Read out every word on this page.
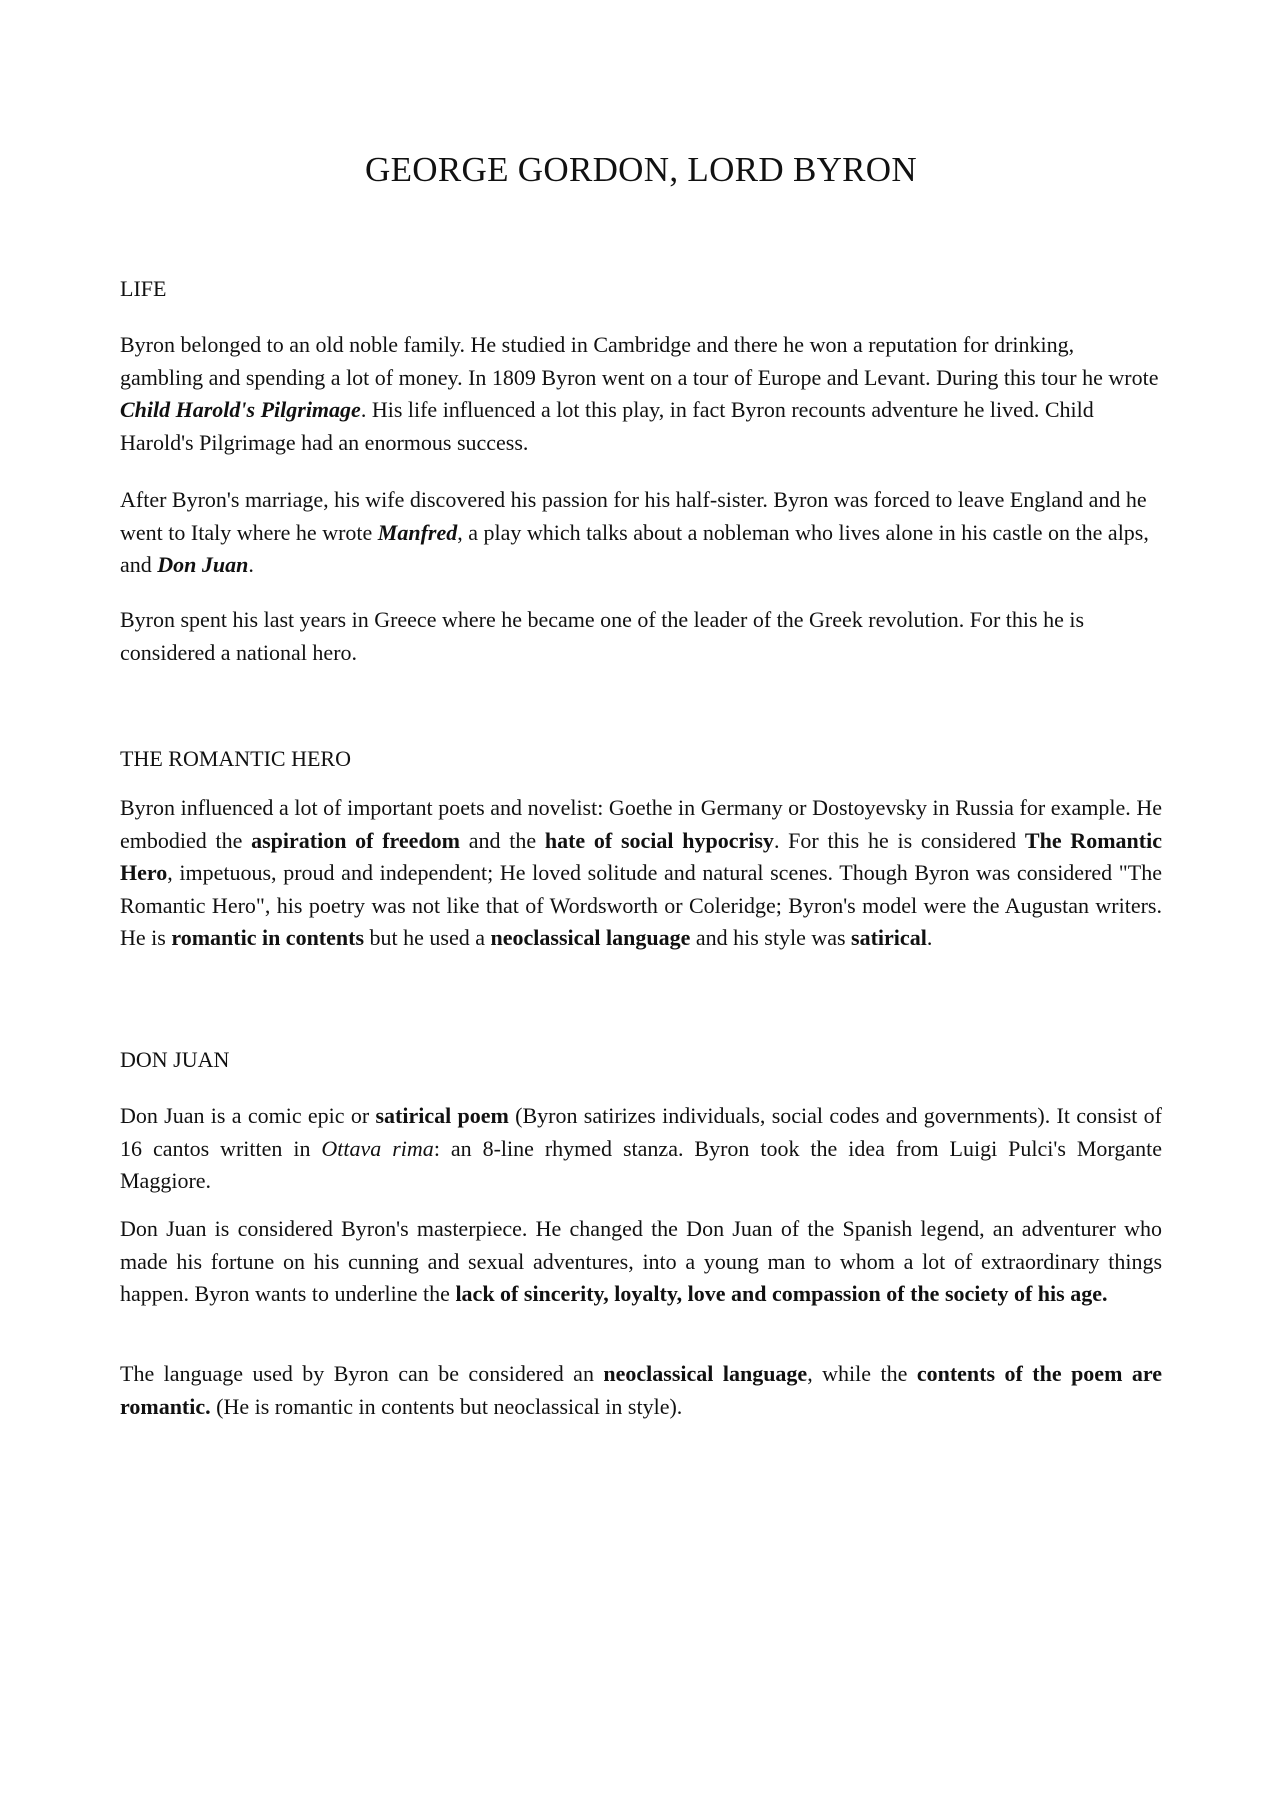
GEORGE GORDON, LORD BYRON
LIFE

Byron belonged to an old noble family. He studied in Cambridge and there he won a reputation for drinking, gambling and spending a lot of money. In 1809 Byron went on a tour of Europe and Levant. During this tour he wrote Child Harold's Pilgrimage. His life influenced a lot this play, in fact Byron recounts adventure he lived. Child Harold's Pilgrimage had an enormous success.

After Byron's marriage, his wife discovered his passion for his half-sister. Byron was forced to leave England and he went to Italy where he wrote Manfred, a play which talks about a nobleman who lives alone in his castle on the alps, and Don Juan.

Byron spent his last years in Greece where he became one of the leader of the Greek revolution. For this he is considered a national hero.

THE ROMANTIC HERO

Byron influenced a lot of important poets and novelist: Goethe in Germany or Dostoyevsky in Russia for example. He embodied the aspiration of freedom and the hate of social hypocrisy. For this he is considered The Romantic Hero, impetuous, proud and independent; He loved solitude and natural scenes. Though Byron was considered "The Romantic Hero", his poetry was not like that of Wordsworth or Coleridge; Byron's model were the Augustan writers. He is romantic in contents but he used a neoclassical language and his style was satirical.

DON JUAN

Don Juan is a comic epic or satirical poem (Byron satirizes individuals, social codes and governments). It consist of 16 cantos written in Ottava rima: an 8-line rhymed stanza. Byron took the idea from Luigi Pulci's Morgante Maggiore.

Don Juan is considered Byron's masterpiece. He changed the Don Juan of the Spanish legend, an adventurer who made his fortune on his cunning and sexual adventures, into a young man to whom a lot of extraordinary things happen. Byron wants to underline the lack of sincerity, loyalty, love and compassion of the society of his age.

The language used by Byron can be considered an neoclassical language, while the contents of the poem are romantic. (He is romantic in contents but neoclassical in style).
